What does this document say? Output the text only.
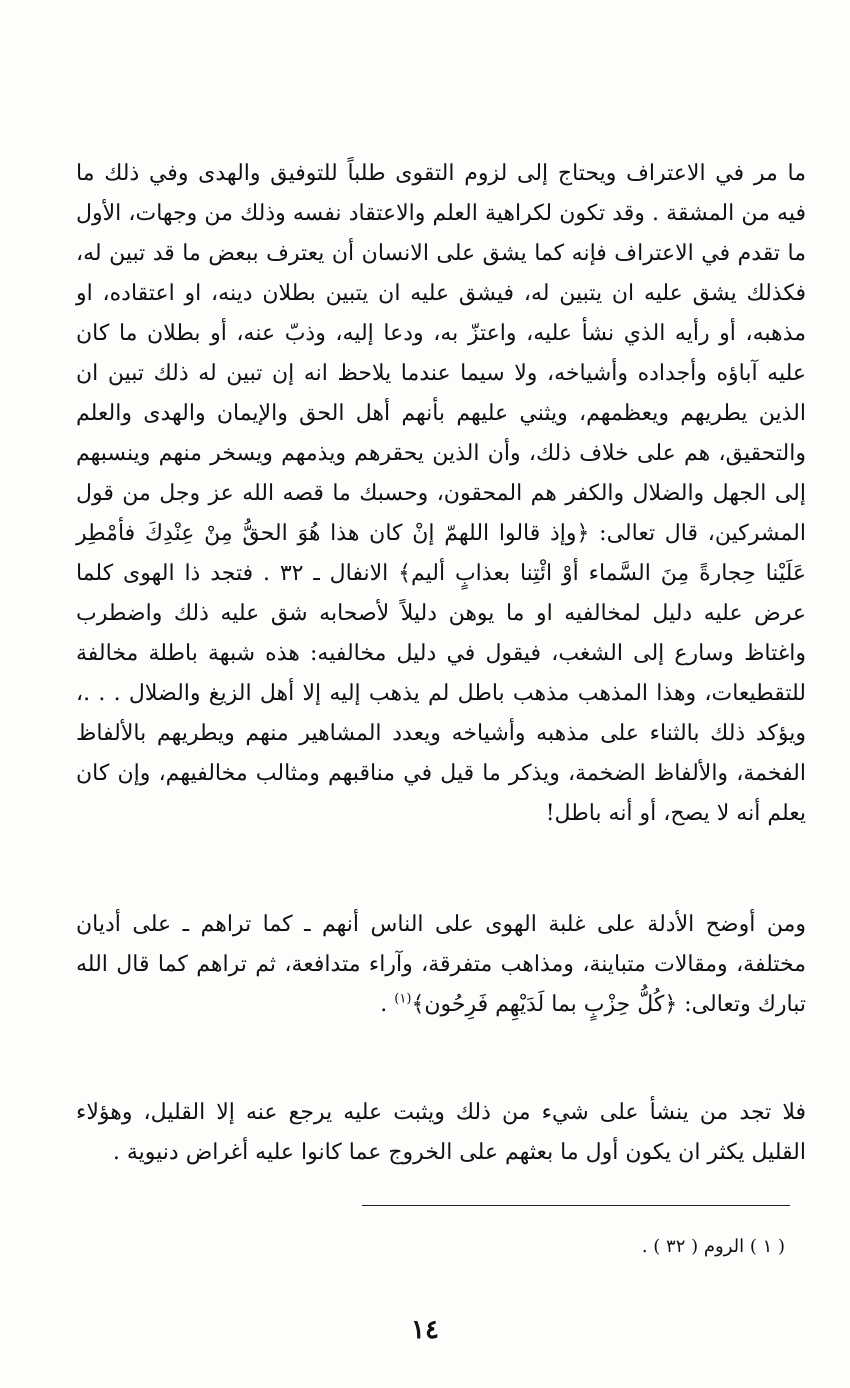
ما مر في الاعتراف ويحتاج إلى لزوم التقوى طلباً للتوفيق والهدى وفي ذلك ما فيه من المشقة . وقد تكون لكراهية العلم والاعتقاد نفسه وذلك من وجهات، الأول ما تقدم في الاعتراف فإنه كما يشق على الانسان أن يعترف ببعض ما قد تبين له، فكذلك يشق عليه ان يتبين له، فيشق عليه ان يتبين بطلان دينه، او اعتقاده، او مذهبه، أو رأيه الذي نشأ عليه، واعتزّ به، ودعا إليه، وذبّ عنه، أو بطلان ما كان عليه آباؤه وأجداده وأشياخه، ولا سيما عندما يلاحظ انه إن تبين له ذلك تبين ان الذين يطريهم ويعظمهم، ويثني عليهم بأنهم أهل الحق والإيمان والهدى والعلم والتحقيق، هم على خلاف ذلك، وأن الذين يحقرهم ويذمهم ويسخر منهم وينسبهم إلى الجهل والضلال والكفر هم المحقون، وحسبك ما قصه الله عز وجل من قول المشركين، قال تعالى: ﴿وإذ قالوا اللهمّ إنْ كان هذا هُوَ الحقُّ مِنْ عِنْدِكَ فأمْطِر عَلَيْنا حِجارةً مِنَ السَّماء أوْ ائْتِنا بعذابٍ أليم﴾ الانفال ـ ٣٢ . فتجد ذا الهوى كلما عرض عليه دليل لمخالفيه او ما يوهن دليلاً لأصحابه شق عليه ذلك واضطرب واغتاظ وسارع إلى الشغب، فيقول في دليل مخالفيه: هذه شبهة باطلة مخالفة للتقطيعات، وهذا المذهب مذهب باطل لم يذهب إليه إلا أهل الزيغ والضلال . . .، ويؤكد ذلك بالثناء على مذهبه وأشياخه ويعدد المشاهير منهم ويطريهم بالألفاظ الفخمة، والألفاظ الضخمة، ويذكر ما قيل في مناقبهم ومثالب مخالفيهم، وإن كان يعلم أنه لا يصح، أو أنه باطل!

ومن أوضح الأدلة على غلبة الهوى على الناس أنهم ـ كما تراهم ـ على أديان مختلفة، ومقالات متباينة، ومذاهب متفرقة، وآراء متدافعة، ثم تراهم كما قال الله تبارك وتعالى: ﴿كُلُّ حِزْبٍ بما لَدَيْهِم فَرِحُون﴾$^{(١)}$ .

فلا تجد من ينشأ على شيء من ذلك ويثبت عليه يرجع عنه إلا القليل، وهؤلاء القليل يكثر ان يكون أول ما بعثهم على الخروج عما كانوا عليه أغراض دنيوية .

( ١ ) الروم ( ٣٢ ) .

١٤
